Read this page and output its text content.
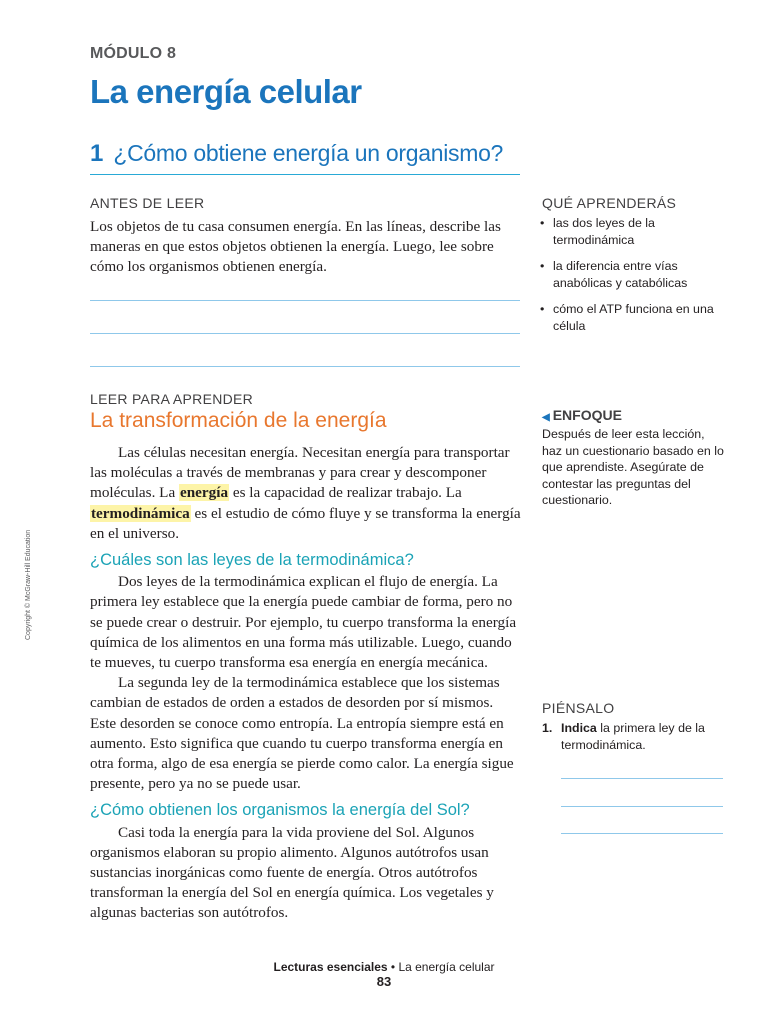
MÓDULO 8
La energía celular
1 ¿Cómo obtiene energía un organismo?
Copyright © McGraw-Hill Education
ANTES DE LEER
Los objetos de tu casa consumen energía. En las líneas, describe las maneras en que estos objetos obtienen la energía. Luego, lee sobre cómo los organismos obtienen energía.
QUÉ APRENDERÁS
• las dos leyes de la termodinámica
• la diferencia entre vías anabólicas y catabólicas
• cómo el ATP funciona en una célula
LEER PARA APRENDER
La transformación de la energía

Las células necesitan energía. Necesitan energía para transportar las moléculas a través de membranas y para crear y descomponer moléculas. La energía es la capacidad de realizar trabajo. La termodinámica es el estudio de cómo fluye y se transforma la energía en el universo.

¿Cuáles son las leyes de la termodinámica?

Dos leyes de la termodinámica explican el flujo de energía. La primera ley establece que la energía puede cambiar de forma, pero no se puede crear o destruir. Por ejemplo, tu cuerpo transforma la energía química de los alimentos en una forma más utilizable. Luego, cuando te mueves, tu cuerpo transforma esa energía en energía mecánica.

La segunda ley de la termodinámica establece que los sistemas cambian de estados de orden a estados de desorden por sí mismos. Este desorden se conoce como entropía. La entropía siempre está en aumento. Esto significa que cuando tu cuerpo transforma energía en otra forma, algo de esa energía se pierde como calor. La energía sigue presente, pero ya no se puede usar.

¿Cómo obtienen los organismos la energía del Sol?

Casi toda la energía para la vida proviene del Sol. Algunos organismos elaboran su propio alimento. Algunos autótrofos usan sustancias inorgánicas como fuente de energía. Otros autótrofos transforman la energía del Sol en energía química. Los vegetales y algunas bacterias son autótrofos.

◀ ENFOQUE
Después de leer esta lección, haz un cuestionario basado en lo que aprendiste. Asegúrate de contestar las preguntas del cuestionario.
PIÉNSALO
1. Indica la primera ley de la termodinámica.
Lecturas esenciales • La energía celular
83
